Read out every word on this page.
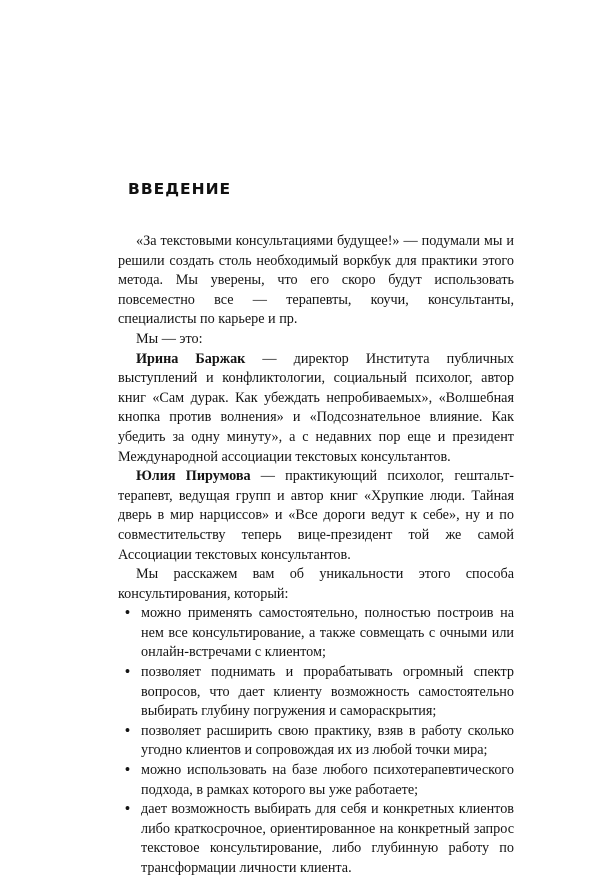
ВВЕДЕНИЕ

«За текстовыми консультациями будущее!» — подумали мы и решили создать столь необходимый воркбук для практики этого метода. Мы уверены, что его скоро будут использовать повсеместно все — терапевты, коучи, консультанты, специалисты по карьере и пр.

Мы — это:

Ирина Баржак — директор Института публичных выступлений и конфликтологии, социальный психолог, автор книг «Сам дурак. Как убеждать непробиваемых», «Волшебная кнопка против волнения» и «Подсознательное влияние. Как убедить за одну минуту», а с недавних пор еще и президент Международной ассоциации текстовых консультантов.

Юлия Пирумова — практикующий психолог, гештальт-терапевт, ведущая групп и автор книг «Хрупкие люди. Тайная дверь в мир нарциссов» и «Все дороги ведут к себе», ну и по совместительству теперь вице-президент той же самой Ассоциации текстовых консультантов.

Мы расскажем вам об уникальности этого способа консультирования, который:

• можно применять самостоятельно, полностью построив на нем все консультирование, а также совмещать с очными или онлайн-встречами с клиентом;
• позволяет поднимать и прорабатывать огромный спектр вопросов, что дает клиенту возможность самостоятельно выбирать глубину погружения и самораскрытия;
• позволяет расширить свою практику, взяв в работу сколько угодно клиентов и сопровождая их из любой точки мира;
• можно использовать на базе любого психотерапевтического подхода, в рамках которого вы уже работаете;
• дает возможность выбирать для себя и конкретных клиентов либо краткосрочное, ориентированное на конкретный запрос текстовое консультирование, либо глубинную работу по трансформации личности клиента.
